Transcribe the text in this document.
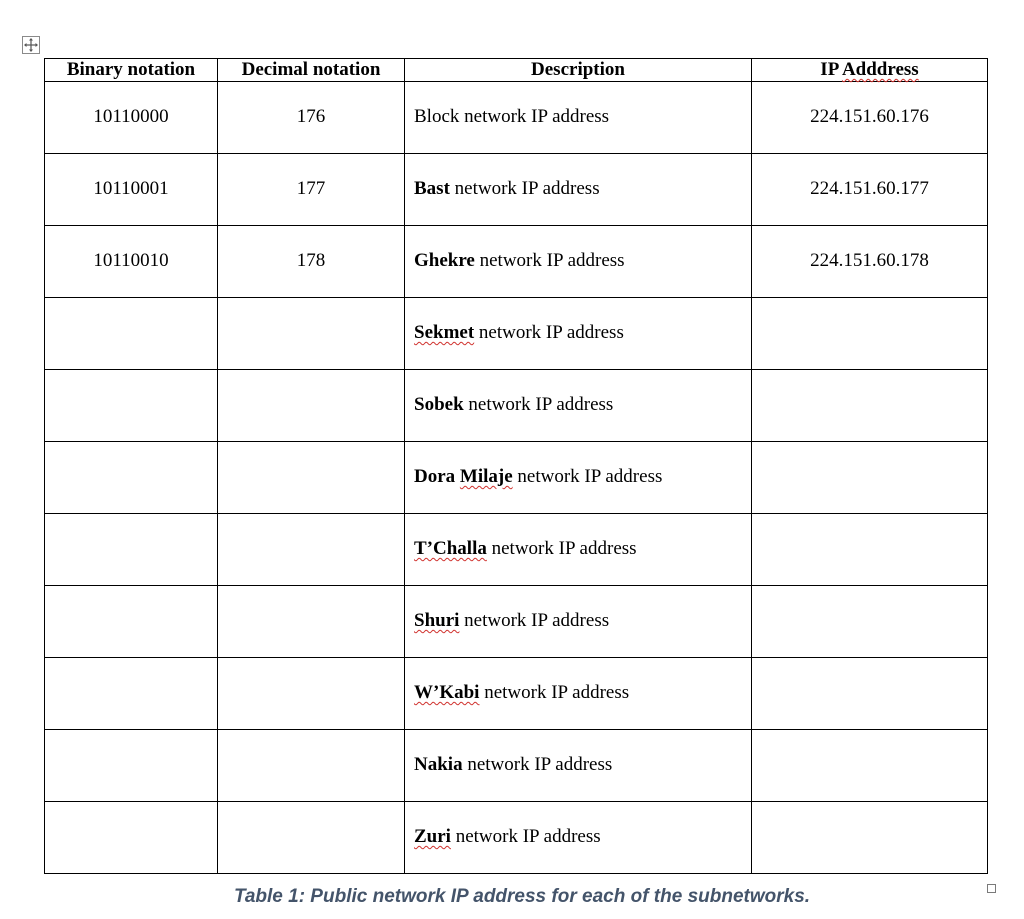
Binary notation	Decimal notation	Description	IP Adddress
10110000	176	Block network IP address	224.151.60.176
10110001	177	Bast network IP address	224.151.60.177
10110010	178	Ghekre network IP address	224.151.60.178
		Sekmet network IP address	
		Sobek network IP address	
		Dora Milaje network IP address	
		T’Challa network IP address	
		Shuri network IP address	
		W’Kabi network IP address	
		Nakia network IP address	
		Zuri network IP address	
Table 1: Public network IP address for each of the subnetworks.
